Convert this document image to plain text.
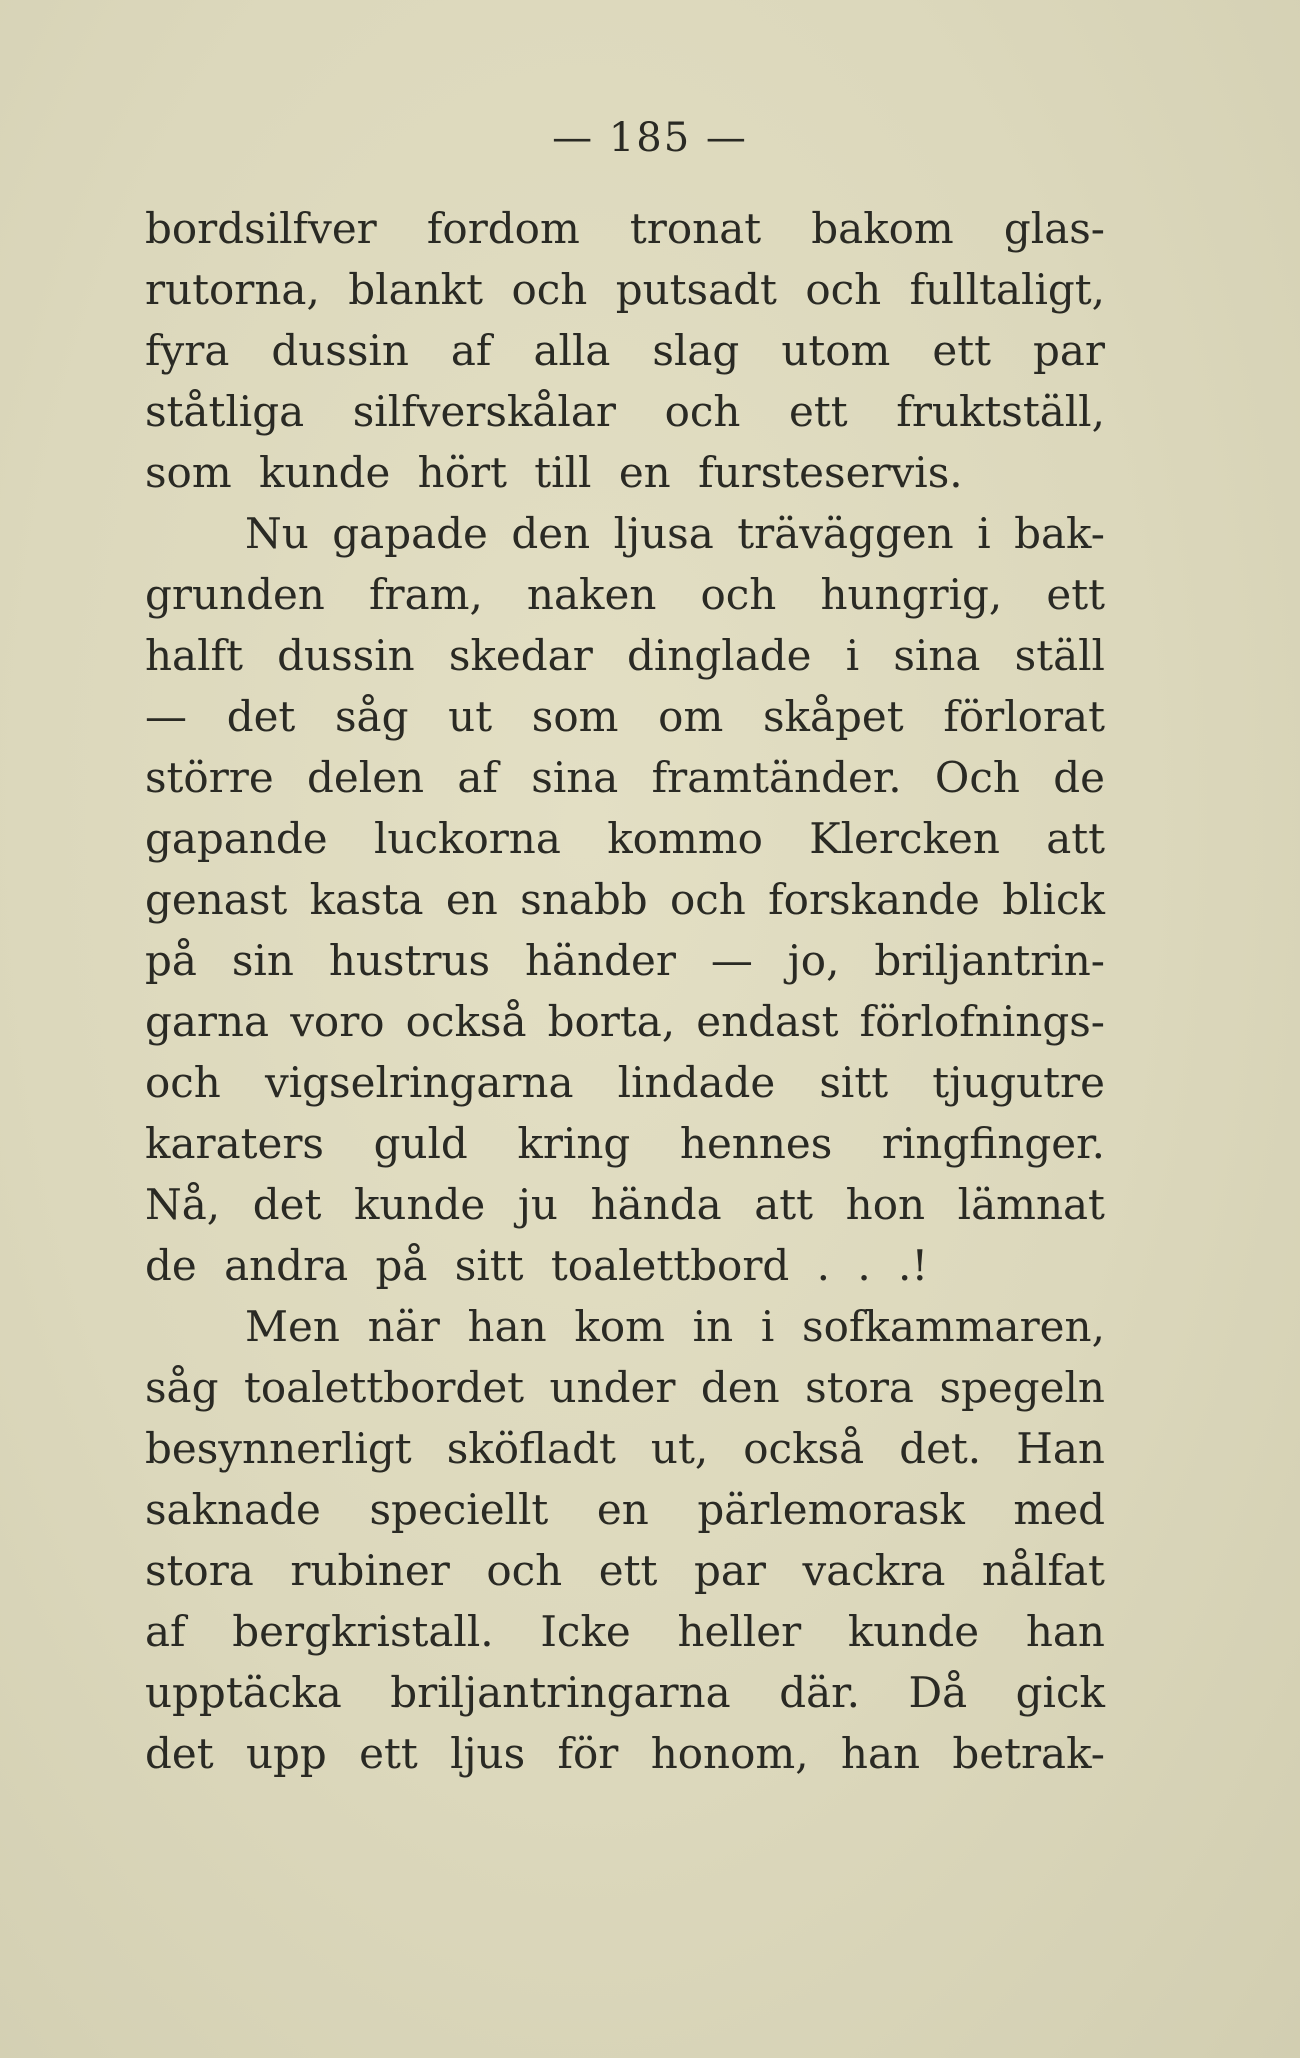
— 185 —
bordsilfver fordom tronat bakom glas-
rutorna, blankt och putsadt och fulltaligt,
fyra dussin af alla slag utom ett par
ståtliga silfverskålar och ett fruktställ,
som kunde hört till en fursteservis.
Nu gapade den ljusa träväggen i bak-
grunden fram, naken och hungrig, ett
halft dussin skedar dinglade i sina ställ
— det såg ut som om skåpet förlorat
större delen af sina framtänder. Och de
gapande luckorna kommo Klercken att
genast kasta en snabb och forskande blick
på sin hustrus händer — jo, briljantrin-
garna voro också borta, endast förlofnings-
och vigselringarna lindade sitt tjugutre
karaters guld kring hennes ringfinger.
Nå, det kunde ju hända att hon lämnat
de andra på sitt toalettbord . . .!
Men när han kom in i sofkammaren,
såg toalettbordet under den stora spegeln
besynnerligt sköfladt ut, också det. Han
saknade speciellt en pärlemorask med
stora rubiner och ett par vackra nålfat
af bergkristall. Icke heller kunde han
upptäcka briljantringarna där. Då gick
det upp ett ljus för honom, han betrak-
